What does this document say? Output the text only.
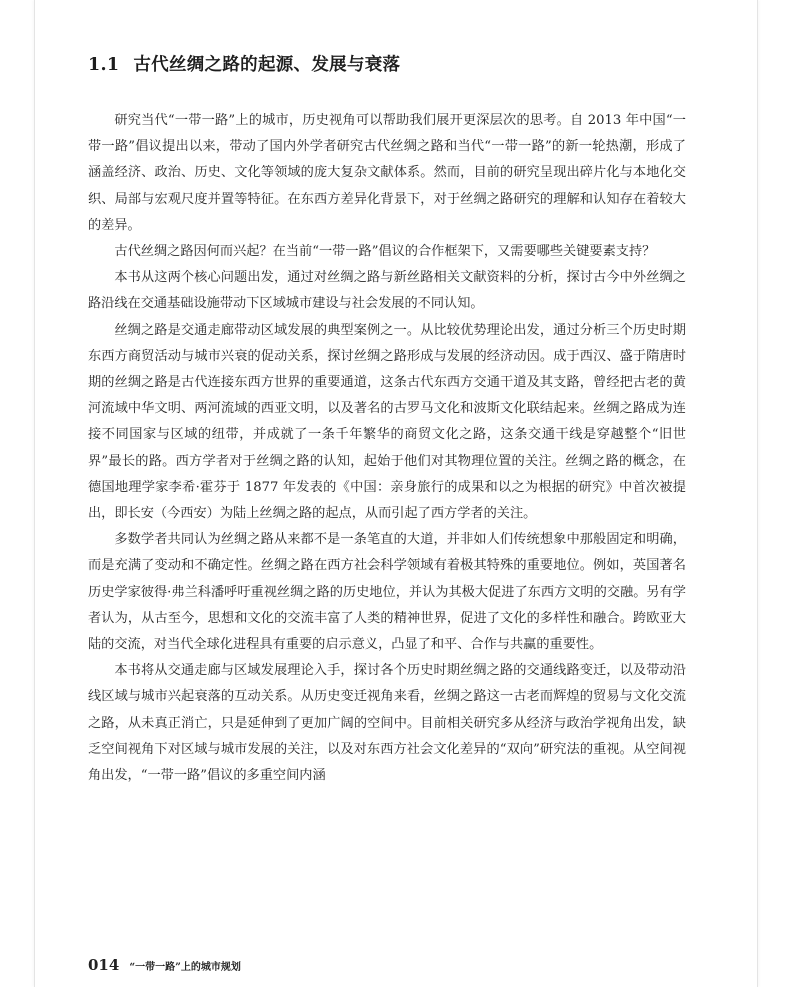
1.1 古代丝绸之路的起源、发展与衰落

研究当代“一带一路”上的城市，历史视角可以帮助我们展开更深层次的思考。自 2013 年中国“一带一路”倡议提出以来，带动了国内外学者研究古代丝绸之路和当代“一带一路”的新一轮热潮，形成了涵盖经济、政治、历史、文化等领域的庞大复杂文献体系。然而，目前的研究呈现出碎片化与本地化交织、局部与宏观尺度并置等特征。在东西方差异化背景下，对于丝绸之路研究的理解和认知存在着较大的差异。

古代丝绸之路因何而兴起？在当前“一带一路”倡议的合作框架下，又需要哪些关键要素支持？

本书从这两个核心问题出发，通过对丝绸之路与新丝路相关文献资料的分析，探讨古今中外丝绸之路沿线在交通基础设施带动下区域城市建设与社会发展的不同认知。

丝绸之路是交通走廊带动区域发展的典型案例之一。从比较优势理论出发，通过分析三个历史时期东西方商贸活动与城市兴衰的促动关系，探讨丝绸之路形成与发展的经济动因。成于西汉、盛于隋唐时期的丝绸之路是古代连接东西方世界的重要通道，这条古代东西方交通干道及其支路，曾经把古老的黄河流域中华文明、两河流域的西亚文明，以及著名的古罗马文化和波斯文化联结起来。丝绸之路成为连接不同国家与区域的纽带，并成就了一条千年繁华的商贸文化之路，这条交通干线是穿越整个“旧世界”最长的路。西方学者对于丝绸之路的认知，起始于他们对其物理位置的关注。丝绸之路的概念，在德国地理学家李希·霍芬于 1877 年发表的《中国：亲身旅行的成果和以之为根据的研究》中首次被提出，即长安（今西安）为陆上丝绸之路的起点，从而引起了西方学者的关注。

多数学者共同认为丝绸之路从来都不是一条笔直的大道，并非如人们传统想象中那般固定和明确，而是充满了变动和不确定性。丝绸之路在西方社会科学领域有着极其特殊的重要地位。例如，英国著名历史学家彼得·弗兰科潘呼吁重视丝绸之路的历史地位，并认为其极大促进了东西方文明的交融。另有学者认为，从古至今，思想和文化的交流丰富了人类的精神世界，促进了文化的多样性和融合。跨欧亚大陆的交流，对当代全球化进程具有重要的启示意义，凸显了和平、合作与共赢的重要性。

本书将从交通走廊与区域发展理论入手，探讨各个历史时期丝绸之路的交通线路变迁，以及带动沿线区域与城市兴起衰落的互动关系。从历史变迁视角来看，丝绸之路这一古老而辉煌的贸易与文化交流之路，从未真正消亡，只是延伸到了更加广阔的空间中。目前相关研究多从经济与政治学视角出发，缺乏空间视角下对区域与城市发展的关注，以及对东西方社会文化差异的“双向”研究法的重视。从空间视角出发，“一带一路”倡议的多重空间内涵

014 “一带一路”上的城市规划
